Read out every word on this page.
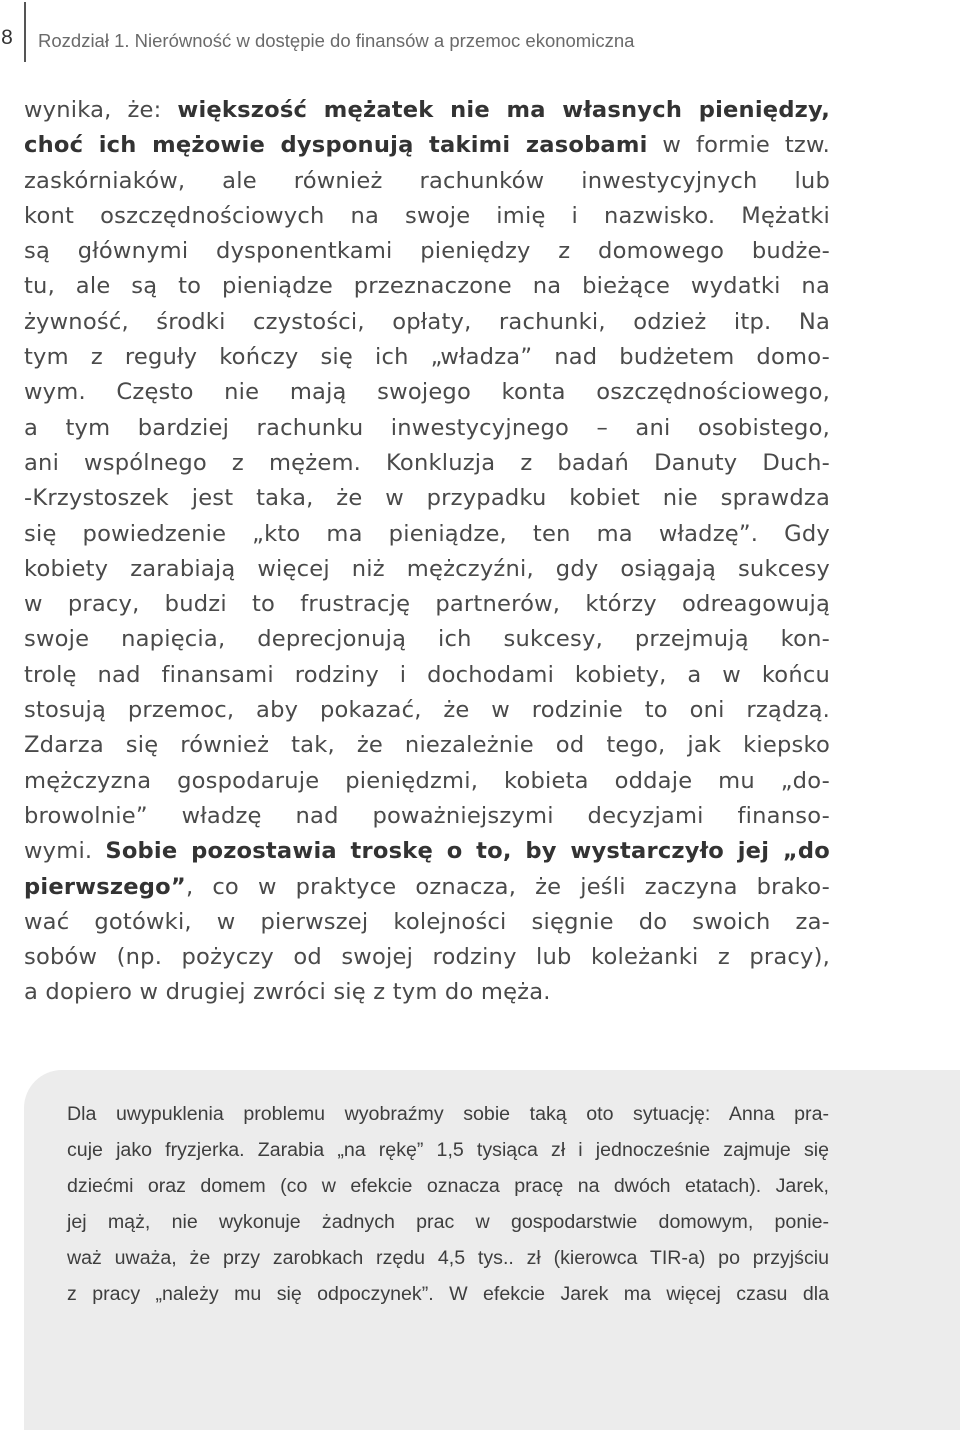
8 Rozdział 1. Nierówność w dostępie do finansów a przemoc ekonomiczna
wynika, że: większość mężatek nie ma własnych pieniędzy,
choć ich mężowie dysponują takimi zasobami w formie tzw.
zaskórniaków, ale również rachunków inwestycyjnych lub
kont oszczędnościowych na swoje imię i nazwisko. Mężatki
są głównymi dysponentkami pieniędzy z domowego budże-
tu, ale są to pieniądze przeznaczone na bieżące wydatki na
żywność, środki czystości, opłaty, rachunki, odzież itp. Na
tym z reguły kończy się ich „władza” nad budżetem domo-
wym. Często nie mają swojego konta oszczędnościowego,
a tym bardziej rachunku inwestycyjnego – ani osobistego,
ani wspólnego z mężem. Konkluzja z badań Danuty Duch-
-Krzystoszek jest taka, że w przypadku kobiet nie sprawdza
się powiedzenie „kto ma pieniądze, ten ma władzę”. Gdy
kobiety zarabiają więcej niż mężczyźni, gdy osiągają sukcesy
w pracy, budzi to frustrację partnerów, którzy odreagowują
swoje napięcia, deprecjonują ich sukcesy, przejmują kon-
trolę nad finansami rodziny i dochodami kobiety, a w końcu
stosują przemoc, aby pokazać, że w rodzinie to oni rządzą.
Zdarza się również tak, że niezależnie od tego, jak kiepsko
mężczyzna gospodaruje pieniędzmi, kobieta oddaje mu „do-
browolnie” władzę nad poważniejszymi decyzjami finanso-
wymi. Sobie pozostawia troskę o to, by wystarczyło jej „do
pierwszego”, co w praktyce oznacza, że jeśli zaczyna brako-
wać gotówki, w pierwszej kolejności sięgnie do swoich za-
sobów (np. pożyczy od swojej rodziny lub koleżanki z pracy),
a dopiero w drugiej zwróci się z tym do męża.
Dla uwypuklenia problemu wyobraźmy sobie taką oto sytuację: Anna pra-
cuje jako fryzjerka. Zarabia „na rękę” 1,5 tysiąca zł i jednocześnie zajmuje się
dziećmi oraz domem (co w efekcie oznacza pracę na dwóch etatach). Jarek,
jej mąż, nie wykonuje żadnych prac w gospodarstwie domowym, ponie-
waż uważa, że przy zarobkach rzędu 4,5 tys.. zł (kierowca TIR-a) po przyjściu
z pracy „należy mu się odpoczynek”. W efekcie Jarek ma więcej czasu dla
